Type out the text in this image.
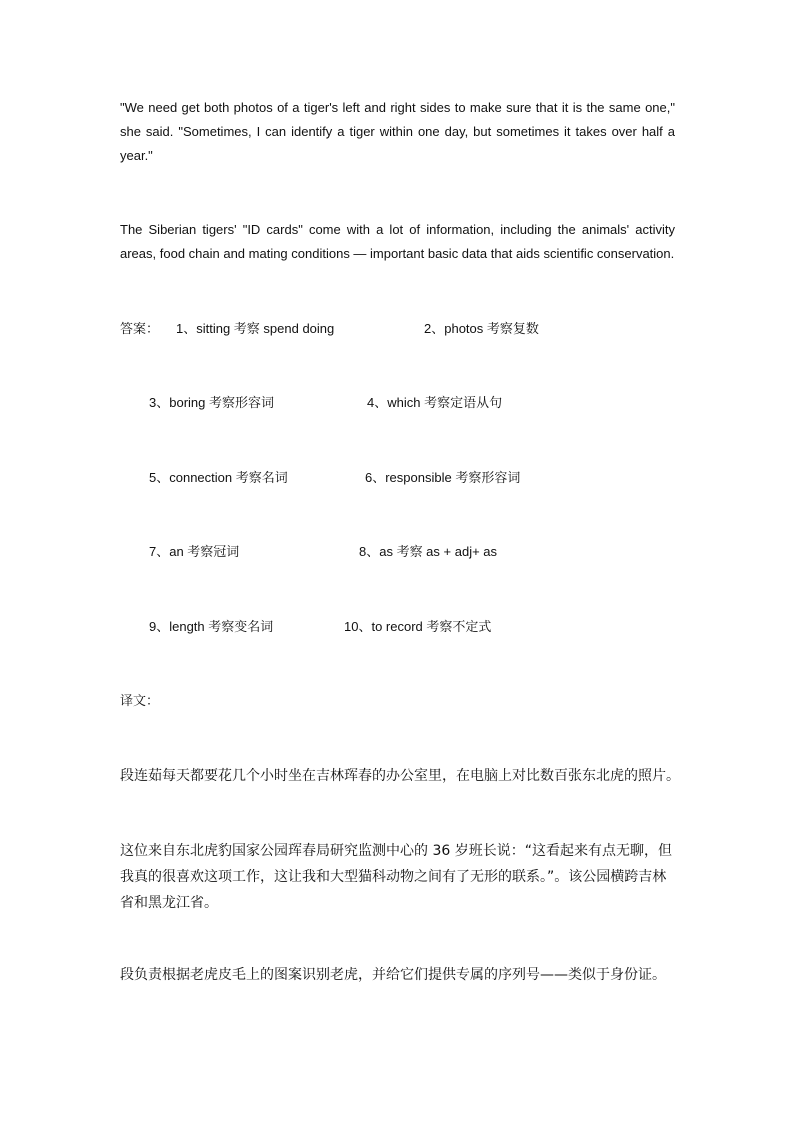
"We need get both photos of a tiger's left and right sides to make sure that it is the same one," she said. "Sometimes, I can identify a tiger within one day, but sometimes it takes over half a year."

The Siberian tigers' "ID cards" come with a lot of information, including the animals' activity areas, food chain and mating conditions — important basic data that aids scientific conservation.

答案： 1、sitting 考察 spend doing	2、photos 考察复数
3、boring 考察形容词	4、which 考察定语从句
5、connection 考察名词	6、responsible 考察形容词
7、an 考察冠词	8、as 考察 as + adj+ as
9、length 考察变名词	10、to record 考察不定式
译文：

段连茹每天都要花几个小时坐在吉林珲春的办公室里，在电脑上对比数百张东北虎的照片。

这位来自东北虎豹国家公园珲春局研究监测中心的 36 岁班长说：“这看起来有点无聊，但我真的很喜欢这项工作，这让我和大型猫科动物之间有了无形的联系。”。该公园横跨吉林省和黑龙江省。

段负责根据老虎皮毛上的图案识别老虎，并给它们提供专属的序列号——类似于身份证。
